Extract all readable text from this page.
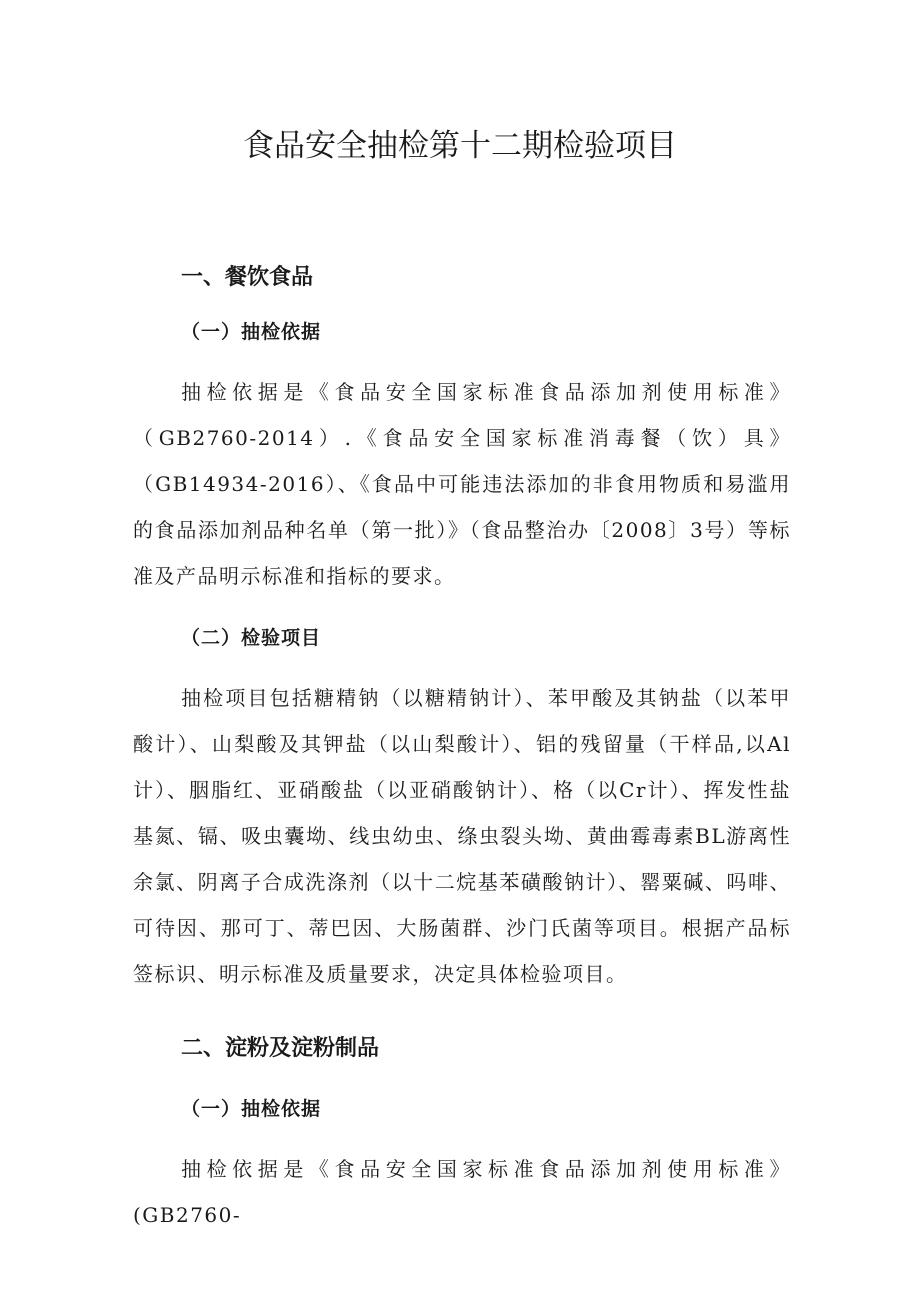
食品安全抽检第十二期检验项目
一、餐饮食品
（一）抽检依据

抽检依据是《食品安全国家标准食品添加剂使用标准》（GB2760-2014）.《食品安全国家标准消毒餐（饮）具》（GB14934-2016）、《食品中可能违法添加的非食用物质和易滥用的食品添加剂品种名单（第一批）》（食品整治办〔2008〕3号）等标准及产品明示标准和指标的要求。

（二）检验项目

抽检项目包括糖精钠（以糖精钠计）、苯甲酸及其钠盐（以苯甲酸计）、山梨酸及其钾盐（以山梨酸计）、铝的残留量（干样品,以Al计）、胭脂红、亚硝酸盐（以亚硝酸钠计）、格（以Cr计）、挥发性盐基氮、镉、吸虫囊坳、线虫幼虫、绦虫裂头坳、黄曲霉毒素BL游离性余氯、阴离子合成洗涤剂（以十二烷基苯磺酸钠计）、罂粟碱、吗啡、可待因、那可丁、蒂巴因、大肠菌群、沙门氏菌等项目。根据产品标签标识、明示标准及质量要求，决定具体检验项目。

二、淀粉及淀粉制品
（一）抽检依据

抽检依据是《食品安全国家标准食品添加剂使用标准》(GB2760-
